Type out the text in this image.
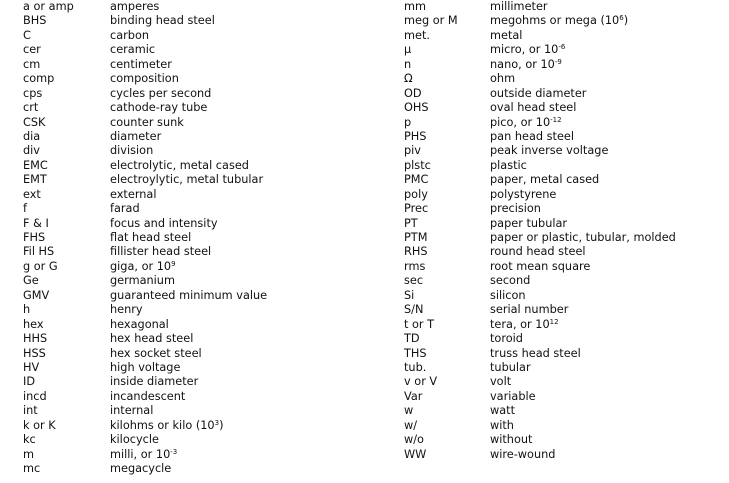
a or amp	amperes
BHS	binding head steel
C	carbon
cer	ceramic
cm	centimeter
comp	composition
cps	cycles per second
crt	cathode-ray tube
CSK	counter sunk
dia	diameter
div	division
EMC	electrolytic, metal cased
EMT	electroylytic, metal tubular
ext	external
f	farad
F & I	focus and intensity
FHS	flat head steel
Fil HS	fillister head steel
g or G	giga, or $10^9$
Ge	germanium
GMV	guaranteed minimum value
h	henry
hex	hexagonal
HHS	hex head steel
HSS	hex socket steel
HV	high voltage
ID	inside diameter
incd	incandescent
int	internal
k or K	kilohms or kilo $(10^3)$
kc	kilocycle
m	milli, or $10^{-3}$
mc	megacycle
mm	millimeter
meg or M	megohms or mega $(10^6)$
met.	metal
μ	micro, or $10^{-6}$
n	nano, or $10^{-9}$
Ω	ohm
OD	outside diameter
OHS	oval head steel
p	pico, or $10^{-12}$
PHS	pan head steel
piv	peak inverse voltage
plstc	plastic
PMC	paper, metal cased
poly	polystyrene
Prec	precision
PT	paper tubular
PTM	paper or plastic, tubular, molded
RHS	round head steel
rms	root mean square
sec	second
Si	silicon
S/N	serial number
t or T	tera, or $10^{12}$
TD	toroid
THS	truss head steel
tub.	tubular
v or V	volt
Var	variable
w	watt
w/	with
w/o	without
WW	wire-wound
